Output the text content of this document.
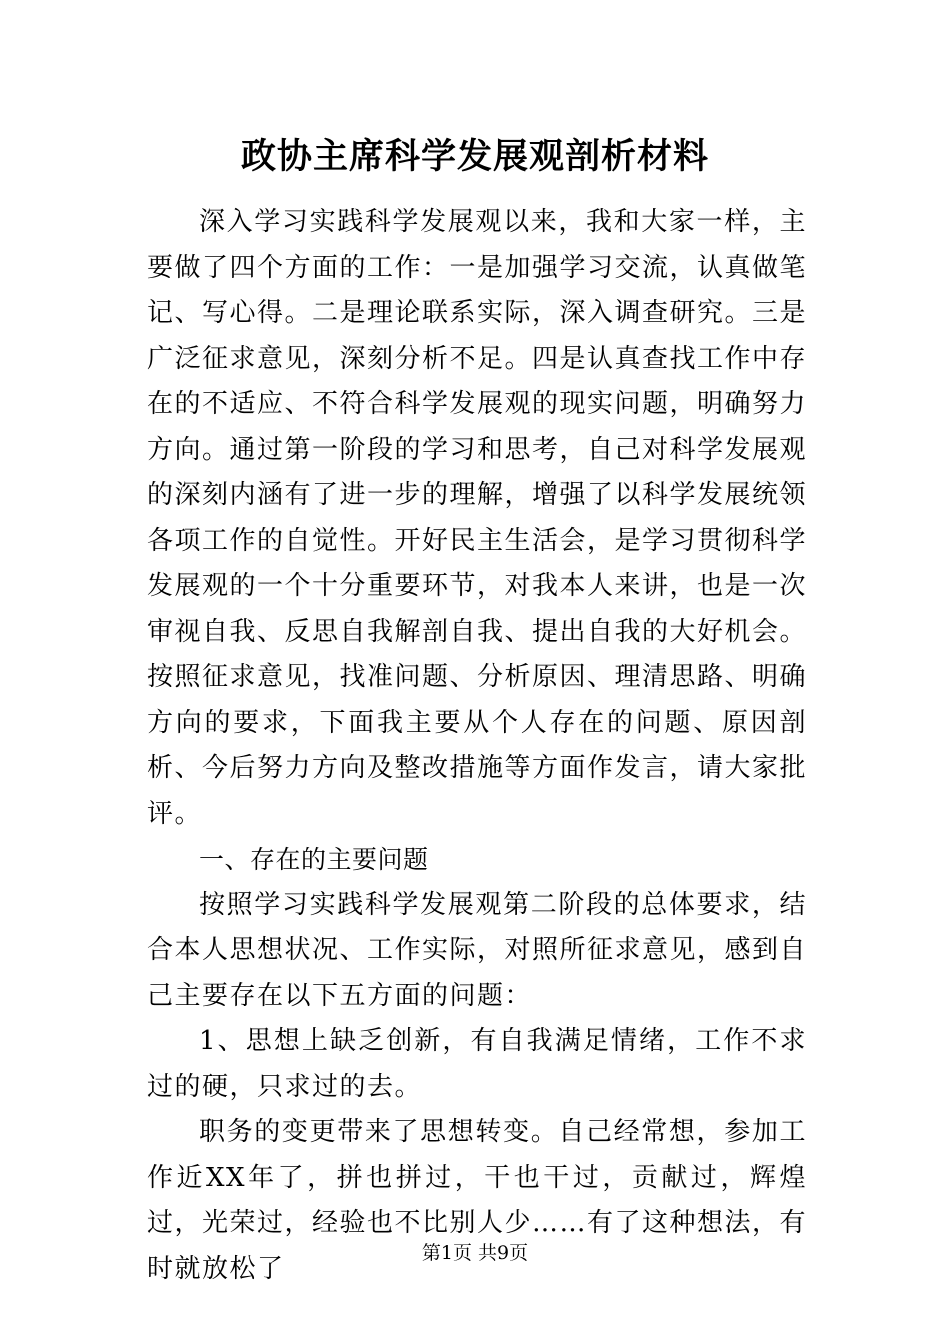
政协主席科学发展观剖析材料

深入学习实践科学发展观以来，我和大家一样，主要做了四个方面的工作：一是加强学习交流，认真做笔记、写心得。二是理论联系实际，深入调查研究。三是广泛征求意见，深刻分析不足。四是认真查找工作中存在的不适应、不符合科学发展观的现实问题，明确努力方向。通过第一阶段的学习和思考，自己对科学发展观的深刻内涵有了进一步的理解，增强了以科学发展统领各项工作的自觉性。开好民主生活会，是学习贯彻科学发展观的一个十分重要环节，对我本人来讲，也是一次审视自我、反思自我解剖自我、提出自我的大好机会。按照征求意见，找准问题、分析原因、理清思路、明确方向的要求，下面我主要从个人存在的问题、原因剖析、今后努力方向及整改措施等方面作发言，请大家批评。

一、存在的主要问题

按照学习实践科学发展观第二阶段的总体要求，结合本人思想状况、工作实际，对照所征求意见，感到自己主要存在以下五方面的问题：

1、思想上缺乏创新，有自我满足情绪，工作不求过的硬，只求过的去。

职务的变更带来了思想转变。自己经常想，参加工作近XX年了，拼也拼过，干也干过，贡献过，辉煌过，光荣过，经验也不比别人少……有了这种想法，有时就放松了

第1页 共9页
